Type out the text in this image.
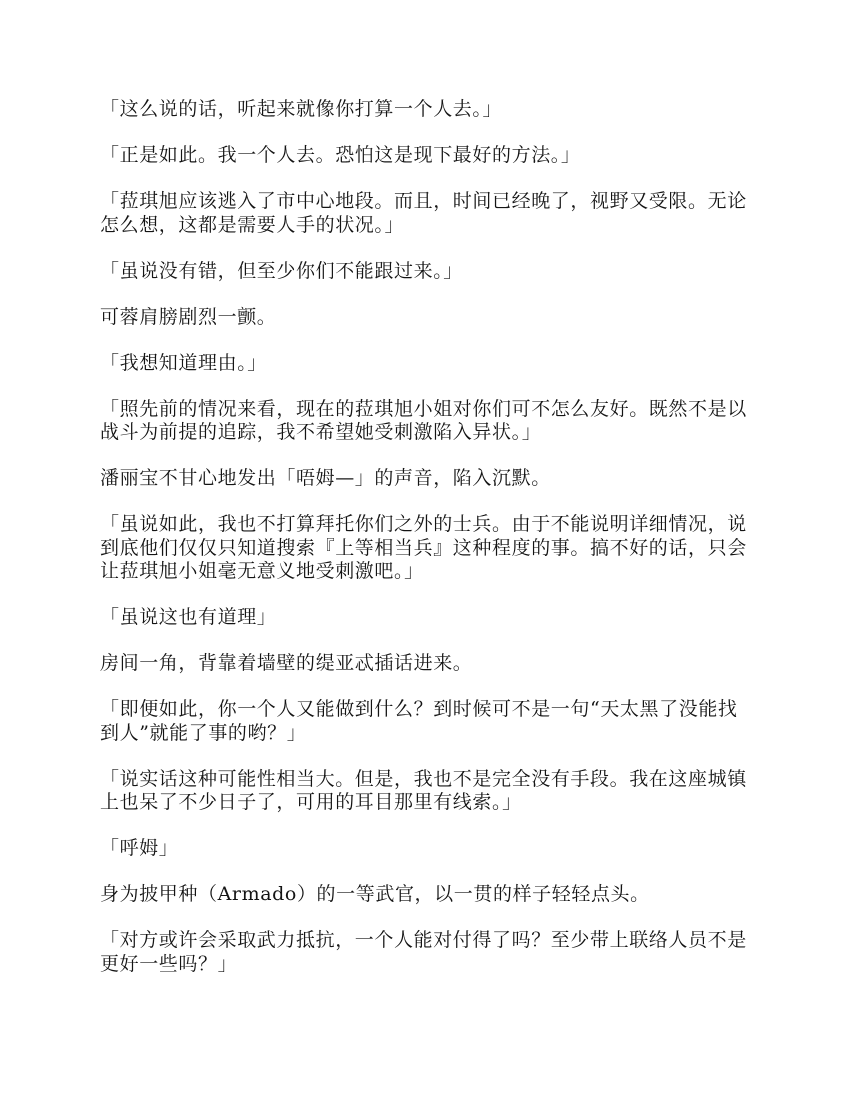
「这么说的话，听起来就像你打算一个人去。」

「正是如此。我一个人去。恐怕这是现下最好的方法。」

「菈琪旭应该逃入了市中心地段。而且，时间已经晚了，视野又受限。无论怎么想，这都是需要人手的状况。」

「虽说没有错，但至少你们不能跟过来。」

可蓉肩膀剧烈一颤。

「我想知道理由。」

「照先前的情况来看，现在的菈琪旭小姐对你们可不怎么友好。既然不是以战斗为前提的追踪，我不希望她受刺激陷入异状。」

潘丽宝不甘心地发出「唔姆—」的声音，陷入沉默。

「虽说如此，我也不打算拜托你们之外的士兵。由于不能说明详细情况，说到底他们仅仅只知道搜索『上等相当兵』这种程度的事。搞不好的话，只会让菈琪旭小姐毫无意义地受刺激吧。」

「虽说这也有道理」

房间一角，背靠着墙壁的缇亚忒插话进来。

「即便如此，你一个人又能做到什么？到时候可不是一句“天太黑了没能找到人”就能了事的哟？」

「说实话这种可能性相当大。但是，我也不是完全没有手段。我在这座城镇上也呆了不少日子了，可用的耳目那里有线索。」

「呼姆」

身为披甲种（Armado）的一等武官，以一贯的样子轻轻点头。

「对方或许会采取武力抵抗，一个人能对付得了吗？至少带上联络人员不是更好一些吗？」
